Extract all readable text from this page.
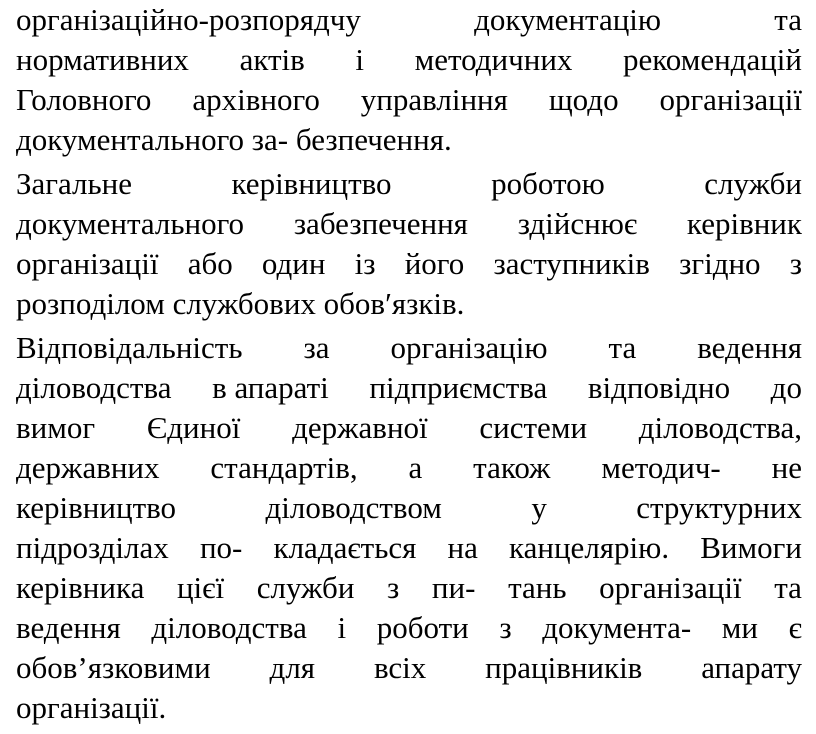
організаційно-розпорядчу	документацію	та
нормативних актів і методичних рекомендацій
Головного архівного управління щодо організації
документального за- безпечення.
Загальне	керівництво	роботою	служби
документального забезпечення здійснює керівник
організації або один із його заступників згідно з
розподілом службових обов′язків.
Відповідальність за організацію та ведення
діловодства в апараті підприємства відповідно до
вимог Єдиної державної системи діловодства,
державних стандартів, а також методич- не
керівництво	діловодством	у	структурних
підрозділах по- кладається на канцелярію. Вимоги
керівника цієї служби з пи- тань організації та
ведення діловодства і роботи з документа- ми є
обов’язковими для всіх працівників апарату
організації.
